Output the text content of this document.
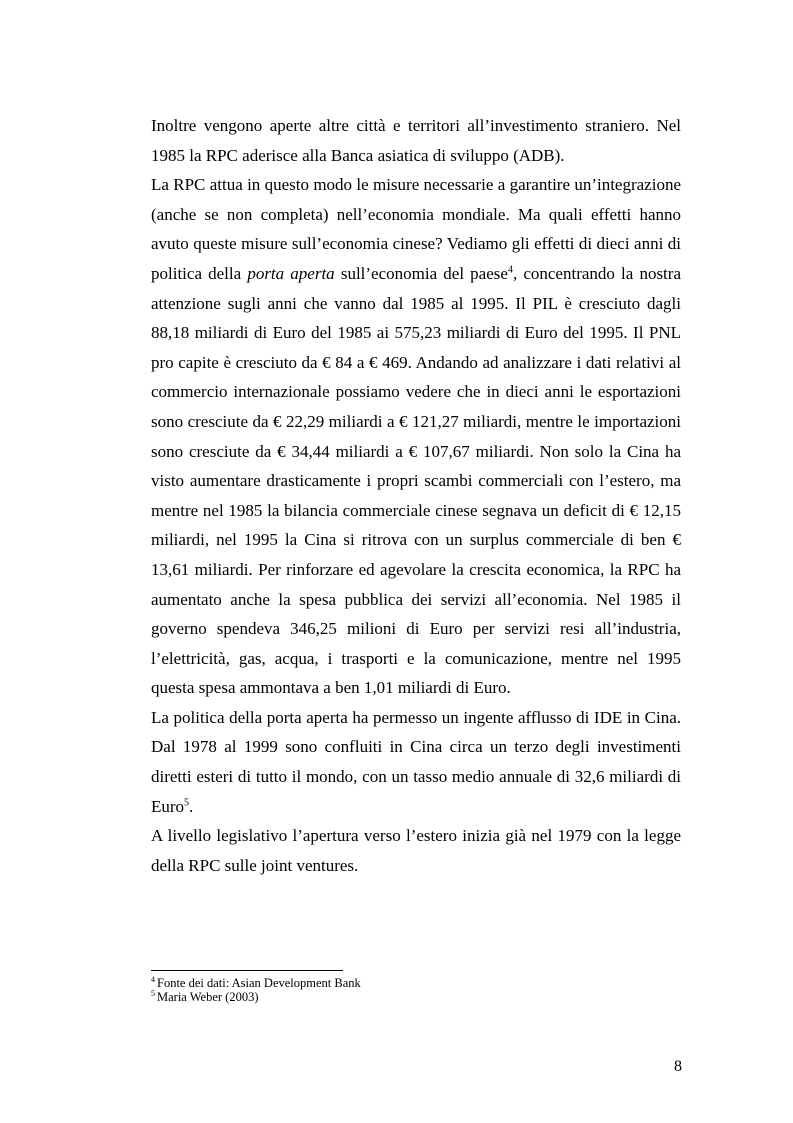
Inoltre vengono aperte altre città e territori all’investimento straniero. Nel 1985 la RPC aderisce alla Banca asiatica di sviluppo (ADB).

La RPC attua in questo modo le misure necessarie a garantire un’integrazione (anche se non completa) nell’economia mondiale. Ma quali effetti hanno avuto queste misure sull’economia cinese? Vediamo gli effetti di dieci anni di politica della porta aperta sull’economia del paese$^4$, concentrando la nostra attenzione sugli anni che vanno dal 1985 al 1995. Il PIL è cresciuto dagli 88,18 miliardi di Euro del 1985 ai 575,23 miliardi di Euro del 1995. Il PNL pro capite è cresciuto da € 84 a € 469. Andando ad analizzare i dati relativi al commercio internazionale possiamo vedere che in dieci anni le esportazioni sono cresciute da € 22,29 miliardi a € 121,27 miliardi, mentre le importazioni sono cresciute da € 34,44 miliardi a € 107,67 miliardi. Non solo la Cina ha visto aumentare drasticamente i propri scambi commerciali con l’estero, ma mentre nel 1985 la bilancia commerciale cinese segnava un deficit di € 12,15 miliardi, nel 1995 la Cina si ritrova con un surplus commerciale di ben € 13,61 miliardi. Per rinforzare ed agevolare la crescita economica, la RPC ha aumentato anche la spesa pubblica dei servizi all’economia. Nel 1985 il governo spendeva 346,25 milioni di Euro per servizi resi all’industria, l’elettricità, gas, acqua, i trasporti e la comunicazione, mentre nel 1995 questa spesa ammontava a ben 1,01 miliardi di Euro.

La politica della porta aperta ha permesso un ingente afflusso di IDE in Cina. Dal 1978 al 1999 sono confluiti in Cina circa un terzo degli investimenti diretti esteri di tutto il mondo, con un tasso medio annuale di 32,6 miliardi di Euro$^5$.

A livello legislativo l’apertura verso l’estero inizia già nel 1979 con la legge della RPC sulle joint ventures.

$^4$ Fonte dei dati: Asian Development Bank
$^5$ Maria Weber (2003)
8
